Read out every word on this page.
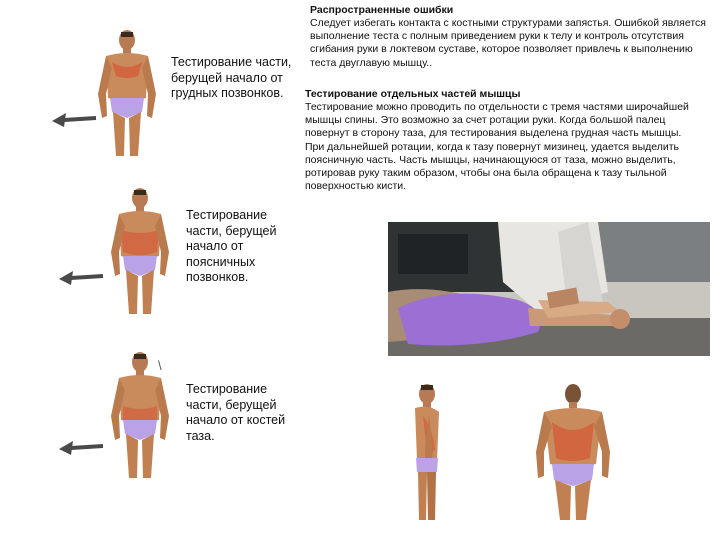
Тестирование части, берущей начало от грудных позвонков.
Тестирование части, берущей начало от поясничных позвонков.
\
Тестирование части, берущей начало от костей таза.
Распространенные ошибки
Следует избегать контакта с костными структурами запястья. Ошибкой является выполнение теста с полным приведением руки к телу и контроль отсутствия сгибания руки в локтевом суставе, которое позволяет привлечь к выполнению теста двуглавую мышцу..
Тестирование отдельных частей мышцы
Тестирование можно проводить по отдельности с тремя частями широчайшей мышцы спины. Это возможно за счет ротации руки. Когда большой палец повернут в сторону таза, для тестирования выделена грудная часть мышцы. При дальнейшей ротации, когда к тазу повернут мизинец, удается выделить поясничную часть. Часть мышцы, начинающуюся от таза, можно выделить, ротировав руку таким образом, чтобы она была обращена к тазу тыльной поверхностью кисти.
